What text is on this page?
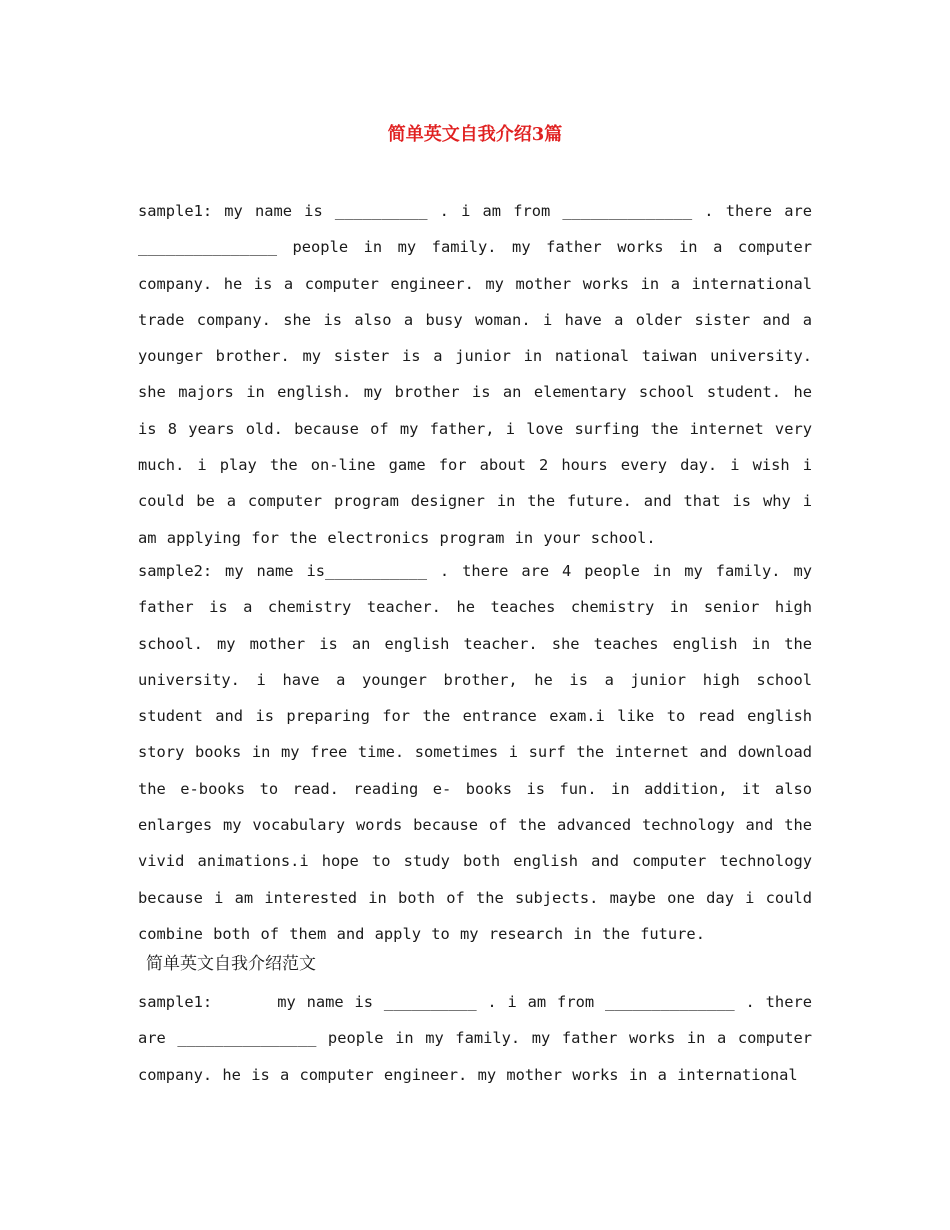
简单英文自我介绍3篇

sample1: my name is __________ . i am from ______________ . there are _______________ people in my family. my father works in a computer company. he is a computer engineer. my mother works in a international trade company. she is also a busy woman. i have a older sister and a younger brother. my sister is a junior in national taiwan university. she majors in english. my brother is an elementary school student. he is 8 years old. because of my father, i love surfing the internet very much. i play the on-line game for about 2 hours every day. i wish i could be a computer program designer in the future. and that is why i am applying for the electronics program in your school.

sample2: my name is___________ . there are 4 people in my family. my father is a chemistry teacher. he teaches chemistry in senior high school. my mother is an english teacher. she teaches english in the university. i have a younger brother, he is a junior high school student and is preparing for the entrance exam.i like to read english story books in my free time. sometimes i surf the internet and download the e-books to read. reading e- books is fun. in addition, it also enlarges my vocabulary words because of the advanced technology and the vivid animations.i hope to study both english and computer technology because i am interested in both of the subjects. maybe one day i could combine both of them and apply to my research in the future.

简单英文自我介绍范文

sample1:      my name is __________ . i am from ______________ . there are _______________ people in my family. my father works in a computer company. he is a computer engineer. my mother works in a international
